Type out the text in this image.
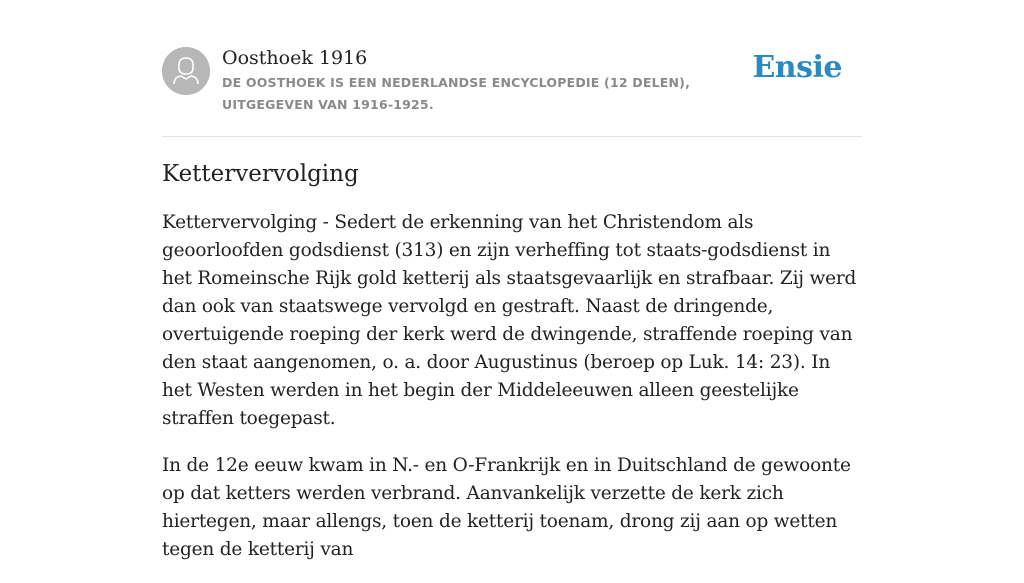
Oosthoek 1916
DE OOSTHOEK IS EEN NEDERLANDSE ENCYCLOPEDIE (12 DELEN), UITGEGEVEN VAN 1916-1925.
Ensie
Kettervervolging

Kettervervolging - Sedert de erkenning van het Christendom als geoorloofden godsdienst (313) en zijn verheffing tot staats-godsdienst in het Romeinsche Rijk gold ketterij als staatsgevaarlijk en strafbaar. Zij werd dan ook van staatswege vervolgd en gestraft. Naast de dringende, overtuigende roeping der kerk werd de dwingende, straffende roeping van den staat aangenomen, o. a. door Augustinus (beroep op Luk. 14: 23). In het Westen werden in het begin der Middeleeuwen alleen geestelijke straffen toegepast.

In de 12e eeuw kwam in N.- en O-Frankrijk en in Duitschland de gewoonte op dat ketters werden verbrand. Aanvankelijk verzette de kerk zich hiertegen, maar allengs, toen de ketterij toenam, drong zij aan op wetten tegen de ketterij van
